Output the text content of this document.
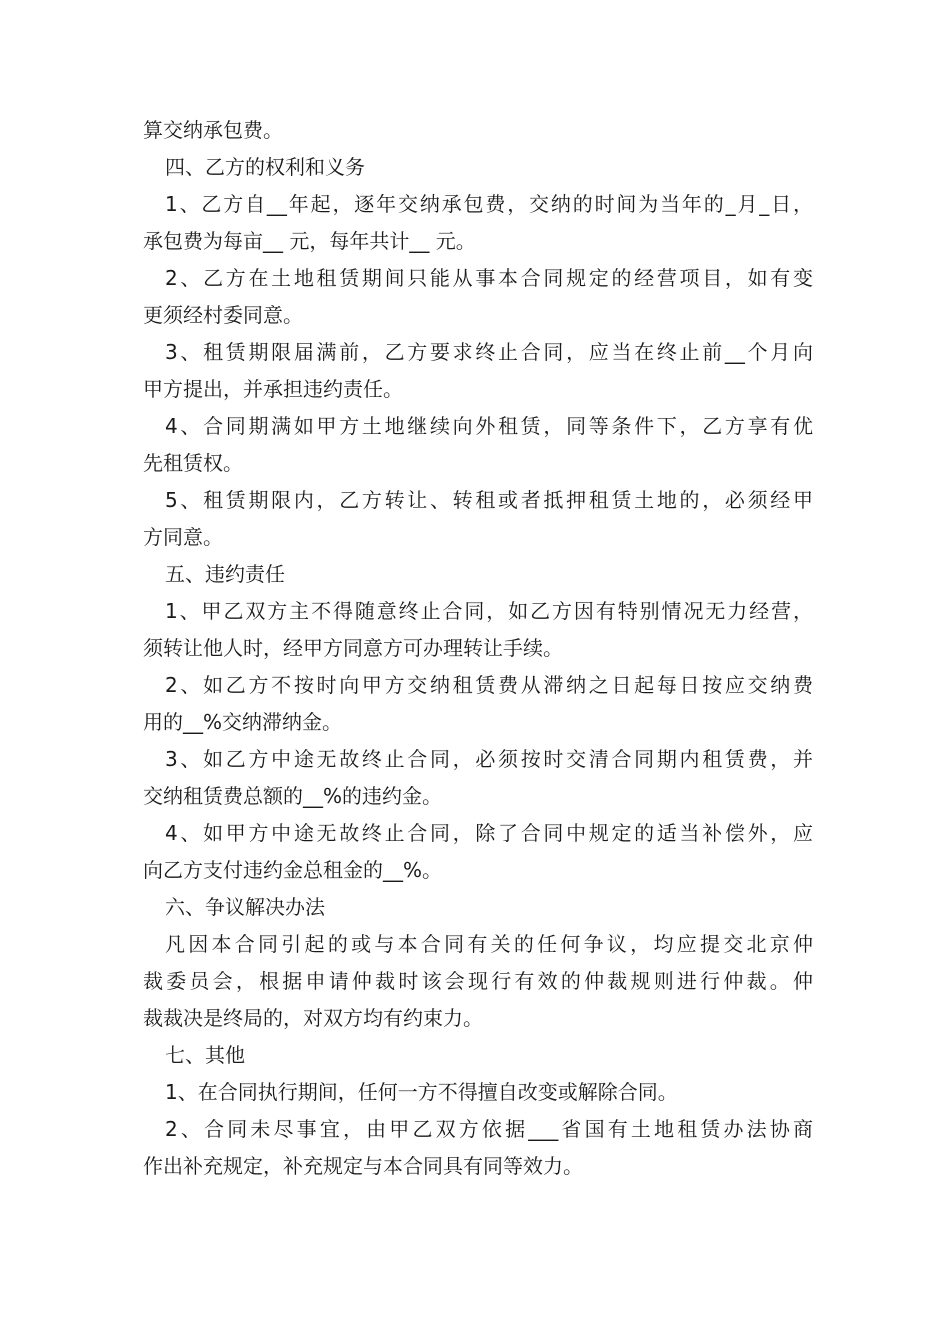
算交纳承包费。
四、乙方的权利和义务
1、乙方自__年起，逐年交纳承包费，交纳的时间为当年的_月_日，
承包费为每亩__ 元，每年共计__ 元。
2、乙方在土地租赁期间只能从事本合同规定的经营项目，如有变
更须经村委同意。
3、租赁期限届满前，乙方要求终止合同，应当在终止前__个月向
甲方提出，并承担违约责任。
4、合同期满如甲方土地继续向外租赁，同等条件下，乙方享有优
先租赁权。
5、租赁期限内，乙方转让、转租或者抵押租赁土地的，必须经甲
方同意。
五、违约责任
1、甲乙双方主不得随意终止合同，如乙方因有特别情况无力经营，
须转让他人时，经甲方同意方可办理转让手续。
2、如乙方不按时向甲方交纳租赁费从滞纳之日起每日按应交纳费
用的__%交纳滞纳金。
3、如乙方中途无故终止合同，必须按时交清合同期内租赁费，并
交纳租赁费总额的__%的违约金。
4、如甲方中途无故终止合同，除了合同中规定的适当补偿外，应
向乙方支付违约金总租金的__%。
六、争议解决办法
凡因本合同引起的或与本合同有关的任何争议，均应提交北京仲
裁委员会，根据申请仲裁时该会现行有效的仲裁规则进行仲裁。仲
裁裁决是终局的，对双方均有约束力。
七、其他
1、在合同执行期间，任何一方不得擅自改变或解除合同。
2、合同未尽事宜，由甲乙双方依据___省国有土地租赁办法协商
作出补充规定，补充规定与本合同具有同等效力。
